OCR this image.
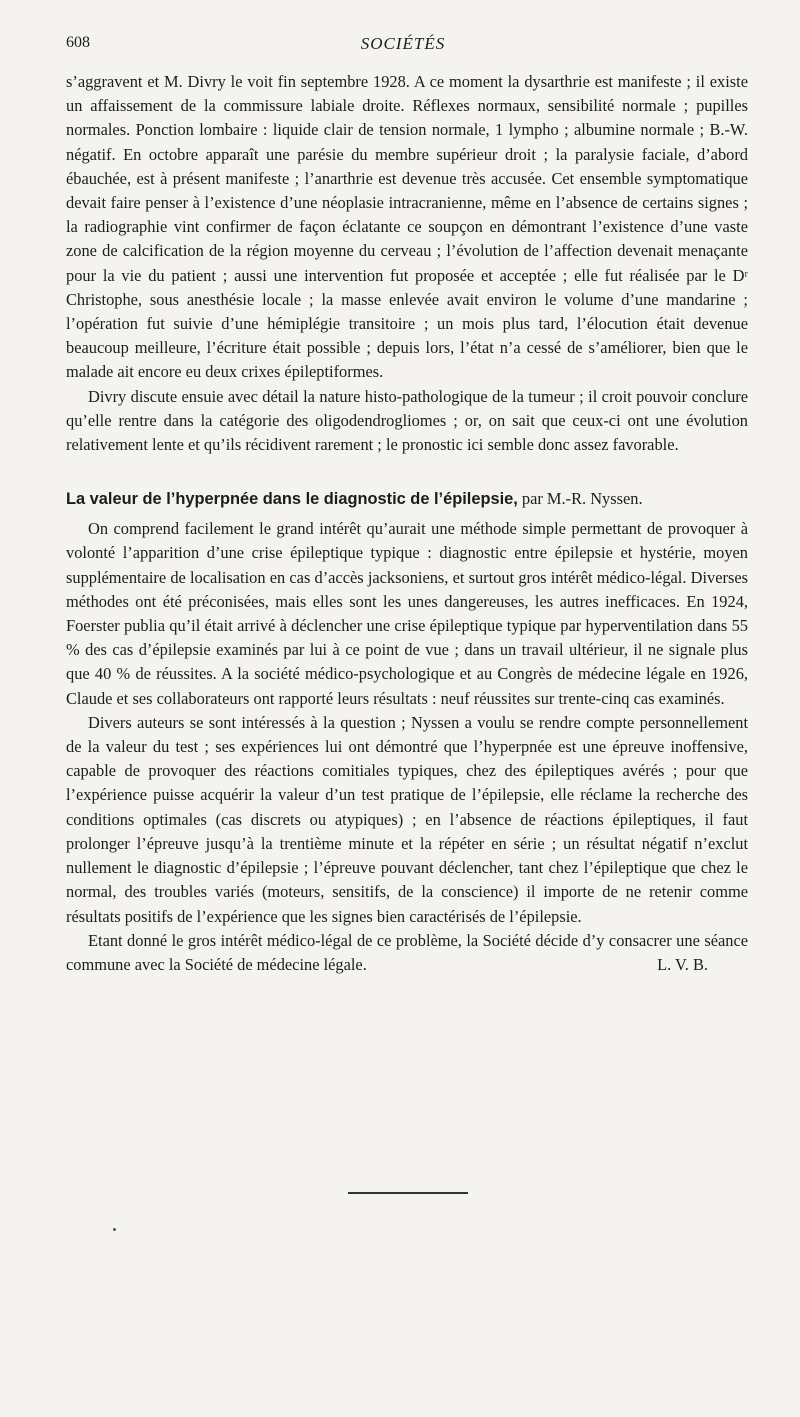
608	SOCIÉTÉS

s’aggravent et M. Divry le voit fin septembre 1928. A ce moment la dysarthrie est manifeste ; il existe un affaissement de la commissure labiale droite. Réflexes normaux, sensibilité normale ; pupilles normales. Ponction lombaire : liquide clair de tension normale, 1 lympho ; albumine normale ; B.-W. négatif. En octobre apparaît une parésie du membre supérieur droit ; la paralysie faciale, d’abord ébauchée, est à présent manifeste ; l’anarthrie est devenue très accusée. Cet ensemble symptomatique devait faire penser à l’existence d’une néoplasie intracranienne, même en l’absence de certains signes ; la radiographie vint confirmer de façon éclatante ce soupçon en démontrant l’existence d’une vaste zone de calcification de la région moyenne du cerveau ; l’évolution de l’affection devenait menaçante pour la vie du patient ; aussi une intervention fut proposée et acceptée ; elle fut réalisée par le Dʳ Christophe, sous anesthésie locale ; la masse enlevée avait environ le volume d’une mandarine ; l’opération fut suivie d’une hémiplégie transitoire ; un mois plus tard, l’élocution était devenue beaucoup meilleure, l’écriture était possible ; depuis lors, l’état n’a cessé de s’améliorer, bien que le malade ait encore eu deux crixes épileptiformes.

Divry discute ensuie avec détail la nature histo-pathologique de la tumeur ; il croit pouvoir conclure qu’elle rentre dans la catégorie des oligodendrogliomes ; or, on sait que ceux-ci ont une évolution relativement lente et qu’ils récidivent rarement ; le pronostic ici semble donc assez favorable.

La valeur de l’hyperpnée dans le diagnostic de l’épilepsie, par M.-R. Nyssen.

On comprend facilement le grand intérêt qu’aurait une méthode simple permettant de provoquer à volonté l’apparition d’une crise épileptique typique : diagnostic entre épilepsie et hystérie, moyen supplémentaire de localisation en cas d’accès jacksoniens, et surtout gros intérêt médico-légal. Diverses méthodes ont été préconisées, mais elles sont les unes dangereuses, les autres inefficaces. En 1924, Foerster publia qu’il était arrivé à déclencher une crise épileptique typique par hyperventilation dans 55 % des cas d’épilepsie examinés par lui à ce point de vue ; dans un travail ultérieur, il ne signale plus que 40 % de réussites. A la société médico-psychologique et au Congrès de médecine légale en 1926, Claude et ses collaborateurs ont rapporté leurs résultats : neuf réussites sur trente-cinq cas examinés.

Divers auteurs se sont intéressés à la question ; Nyssen a voulu se rendre compte personnellement de la valeur du test ; ses expériences lui ont démontré que l’hyperpnée est une épreuve inoffensive, capable de provoquer des réactions comitiales typiques, chez des épileptiques avérés ; pour que l’expérience puisse acquérir la valeur d’un test pratique de l’épilepsie, elle réclame la recherche des conditions optimales (cas discrets ou atypiques) ; en l’absence de réactions épileptiques, il faut prolonger l’épreuve jusqu’à la trentième minute et la répéter en série ; un résultat négatif n’exclut nullement le diagnostic d’épilepsie ; l’épreuve pouvant déclencher, tant chez l’épileptique que chez le normal, des troubles variés (moteurs, sensitifs, de la conscience) il importe de ne retenir comme résultats positifs de l’expérience que les signes bien caractérisés de l’épilepsie.

Etant donné le gros intérêt médico-légal de ce problème, la Société décide d’y consacrer une séance commune avec la Société de médecine légale.	L. V. B.
